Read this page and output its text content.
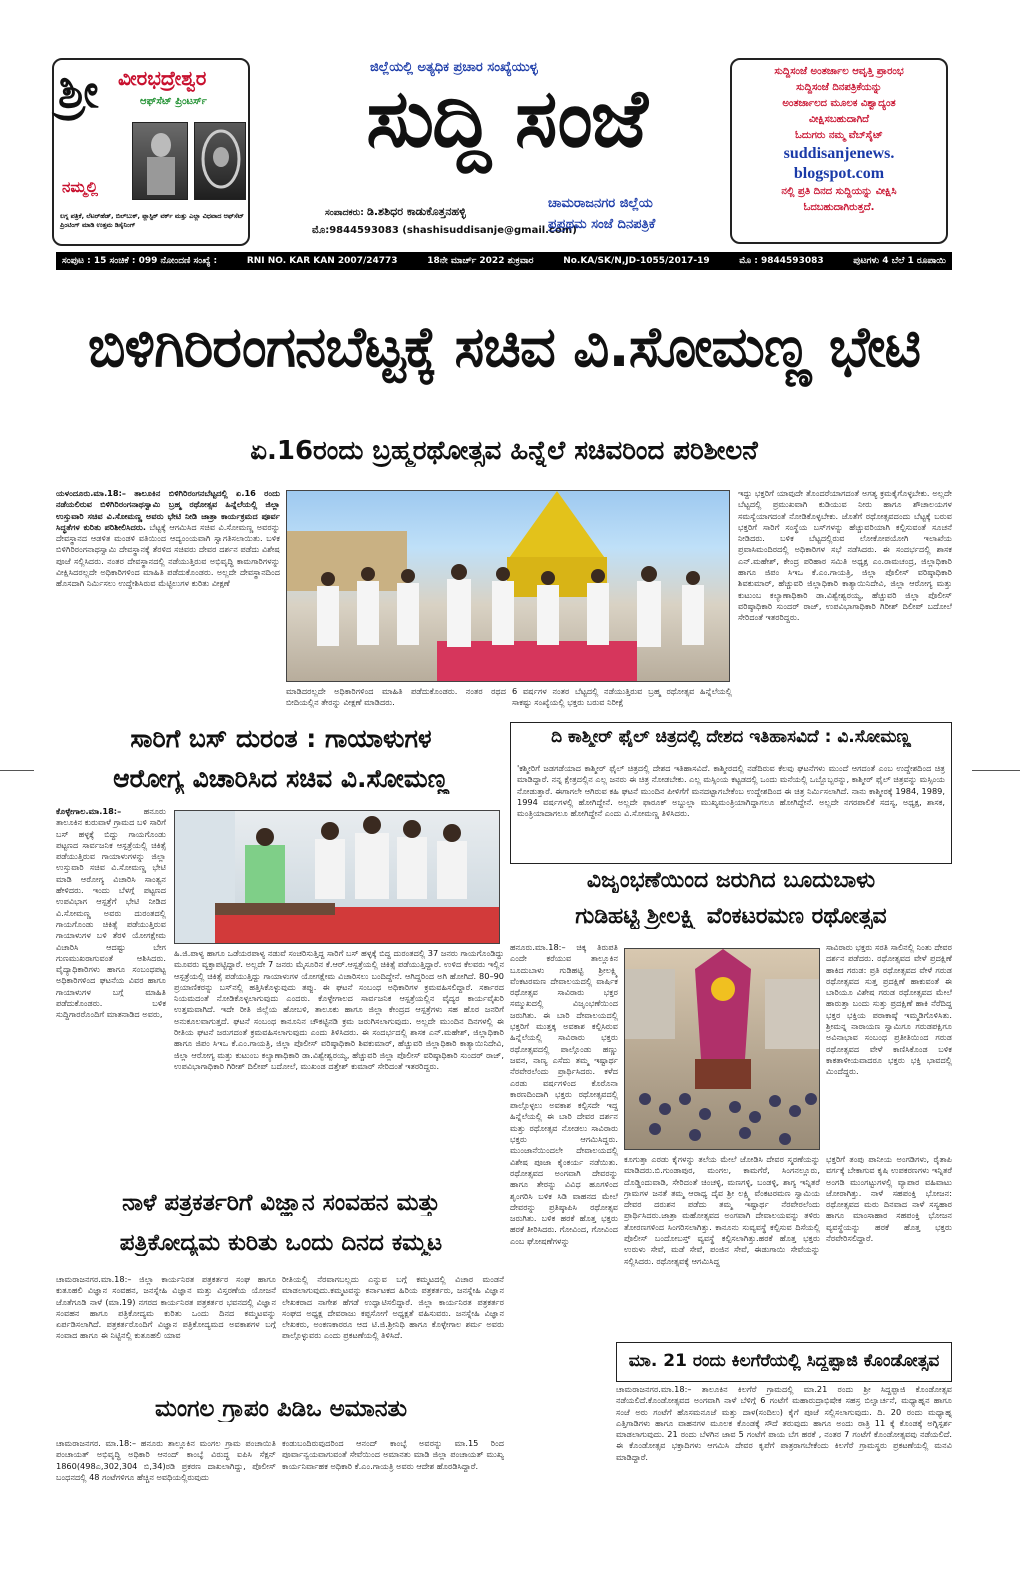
ಶ್ರೀ ವೀರಭದ್ರೇಶ್ವರ
ಆಫ್‌ಸೆಟ್ ಪ್ರಿಂಟರ್ಸ್
ನಮ್ಮಲ್ಲಿ
ಲಗ್ನ ಪತ್ರಿಕೆ, ಲೆಟರ್‌ಹೆಡ್, ಬಿಲ್‌ಬುಕ್, ಪ್ಲಾಸ್ಟಿಕ್ ವರ್ಕ್ ಮತ್ತು ಎಲ್ಲಾ ವಿಧವಾದ ಆಫ್‌ಸೆಟ್ ಪ್ರಿಂಟಿಂಗ್ ಮಾಡಿ ಉತ್ತಮ ಡಿಸೈನಿಂಗ್
ಜಿಲ್ಲೆಯಲ್ಲಿ ಅತ್ಯಧಿಕ ಪ್ರಚಾರ ಸಂಖ್ಯೆಯುಳ್ಳ
ಸುದ್ದಿ ಸಂಜೆ
ಸಂಪಾದಕರು: ಡಿ.ಶಶಿಧರ ಕಾಡುಕೊತ್ತನಹಳ್ಳಿ
ಮೊ:9844593083 (shashisuddisanje@gmail.com)
ಚಾಮರಾಜನಗರ ಜಿಲ್ಲೆಯ
ಪ್ರಪ್ರಥಮ ಸಂಜೆ ದಿನಪತ್ರಿಕೆ
ಸುದ್ದಿಸಂಜೆ ಅಂತರ್ಜಾಲ ಆವೃತ್ತಿ ಪ್ರಾರಂಭ
ಸುದ್ದಿಸಂಜೆ ದಿನಪತ್ರಿಕೆಯನ್ನು
ಅಂತರ್ಜಾಲದ ಮೂಲಕ ವಿಶ್ವಾದ್ಯಂತ
ವೀಕ್ಷಿಸಬಹುದಾಗಿದೆ
ಓದುಗರು ನಮ್ಮ ವೆಬ್‌ಸೈಟ್
suddisanjenews.
blogspot.com
ನಲ್ಲಿ ಪ್ರತಿ ದಿನದ ಸುದ್ದಿಯನ್ನು ವೀಕ್ಷಿಸಿ
ಓದಬಹುದಾಗಿರುತ್ತದೆ.
ಸಂಪುಟ : 15 ಸಂಚಿಕೆ : 099 ನೋಂದಣಿ ಸಂಖ್ಯೆ :	RNI NO. KAR KAN 2007/24773	18ನೇ ಮಾರ್ಚ್ 2022 ಶುಕ್ರವಾರ	No.KA/SK/N,JD-1055/2017-19	ಮೊ : 9844593083	ಪುಟಗಳು 4 ಬೆಲೆ 1 ರೂಪಾಯಿ
ಬಿಳಿಗಿರಿರಂಗನಬೆಟ್ಟಕ್ಕೆ ಸಚಿವ ವಿ.ಸೋಮಣ್ಣ ಭೇಟಿ
ಏ.16ರಂದು ಬ್ರಹ್ಮರಥೋತ್ಸವ ಹಿನ್ನೆಲೆ ಸಚಿವರಿಂದ ಪರಿಶೀಲನೆ
ಯಳಂದೂರು.ಮಾ.18:– ತಾಲೂಕಿನ ಬಿಳಿಗಿರಿರಂಗನಬೆಟ್ಟದಲ್ಲಿ ಏ.16 ರಂದು ನಡೆಯಲಿರುವ ಬಿಳಿಗಿರಿರಂಗನಾಥಸ್ವಾಮಿ ಬ್ರಹ್ಮ ರಥೋತ್ಸವ ಹಿನ್ನೆಲೆಯಲ್ಲಿ ಜಿಲ್ಲಾ ಉಸ್ತುವಾರಿ ಸಚಿವ ವಿ.ಸೋಮಣ್ಣ ಅವರು ಭೇಟಿ ನೀಡಿ ಜಾತ್ರಾ ಕಾರ್ಯಕ್ರಮದ ಪೂರ್ವ ಸಿದ್ಧತೆಗಳ ಕುರಿತು ಪರಿಶೀಲಿಸಿದರು. ಬೆಟ್ಟಕ್ಕೆ ಆಗಮಿಸಿದ ಸಚಿವ ವಿ.ಸೋಮಣ್ಣ ಅವರನ್ನು ದೇವಸ್ಥಾನದ ಆಡಳಿತ ಮಂಡಳಿ ವತಿಯಿಂದ ಆದ್ಯಂಂಯವಾಗಿ ಸ್ವಾಗತಿಸಲಾಯಿತು. ಬಳಿಕ ಬಿಳಿಗಿರಿರಂಗನಾಥಸ್ವಾಮಿ ದೇವಸ್ಥಾನಕ್ಕೆ ತೆರಳಿದ ಸಚಿವರು ದೇವರ ದರ್ಶನ ಪಡೆದು ವಿಶೇಷ ಪೂಜೆ ಸಲ್ಲಿಸಿದರು. ನಂತರ ದೇವಸ್ಥಾನದಲ್ಲಿ ನಡೆಯುತ್ತಿರುವ ಅಭಿವೃದ್ಧಿ ಕಾಮಗಾರಿಗಳನ್ನು ವೀಕ್ಷಿಸಿದರಲ್ಲದೇ ಅಧಿಕಾರಿಗಳಿಂದ ಮಾಹಿತಿ ಪಡೆದುಕೊಂಡರು. ಅಲ್ಲದೇ ದೇವಸ್ಥಾನದಿಂದ ಹೊಸದಾಗಿ ನಿರ್ಮಿಸಲು ಉದ್ದೇಶಿಸಿರುವ ಮೆಟ್ಟಿಲುಗಳ ಕುರಿತು ವೀಕ್ಷಣೆ
ಮಾಡಿದರಲ್ಲದೇ ಅಧಿಕಾರಿಗಳಿಂದ ಮಾಹಿತಿ ಪಡೆದುಕೊಂಡರು. ನಂತರ ರಥದ ಬೀದಿಯಲ್ಲಿನ ತೇರನ್ನು ವೀಕ್ಷಣೆ ಮಾಡಿದರು.
6 ವರ್ಷಗಳ ನಂತರ ಬೆಟ್ಟದಲ್ಲಿ ನಡೆಯುತ್ತಿರುವ ಬ್ರಹ್ಮ ರಥೋತ್ಸವ ಹಿನ್ನೆಲೆಯಲ್ಲಿ ಸಾಕಷ್ಟು ಸಂಖ್ಯೆಯಲ್ಲಿ ಭಕ್ತರು ಬರುವ ನಿರೀಕ್ಷೆ
ಇದ್ದು ಭಕ್ತರಿಗೆ ಯಾವುದೇ ತೊಂದರೆಯಾಗದಂತೆ ಅಗತ್ಯ ಕ್ರಮಕೈಗೊಳ್ಳಬೇಕು. ಅಲ್ಲದೇ ಬೆಟ್ಟದಲ್ಲಿ ಪ್ರಮುಖವಾಗಿ ಕುಡಿಯುವ ನೀರು ಹಾಗೂ ಶೌಚಾಲಯಗಳ ಸಮಸ್ಯೆಯಾಗದಂತೆ ನೋಡಿಕೊಳ್ಳಬೇಕು. ಜೊತೆಗೆ ರಥೋತ್ಸವದಂದು ಬೆಟ್ಟಕ್ಕೆ ಬರುವ ಭಕ್ತರಿಗೆ ಸಾರಿಗೆ ಸಂಸ್ಥೆಯ ಬಸ್‌ಗಳನ್ನು ಹೆಚ್ಚುವರಿಯಾಗಿ ಕಲ್ಪಿಸುವಂತೆ ಸೂಚನೆ ನೀಡಿದರು. ಬಳಿಕ ಬೆಟ್ಟದಲ್ಲಿರುವ ಲೋಕೋಪಯೋಗಿ ಇಲಾಖೆಯ ಪ್ರವಾಸಿಮಂದಿರದಲ್ಲಿ ಅಧಿಕಾರಿಗಳ ಸಭೆ ನಡೆಸಿದರು. ಈ ಸಂದರ್ಭದಲ್ಲಿ ಶಾಸಕ ಎನ್.ಮಹೇಶ್, ಕೇಂದ್ರ ಪರಿಹಾರ ಸಮಿತಿ ಅಧ್ಯಕ್ಷ ಎಂ.ರಾಮಚಂದ್ರ, ಜಿಲ್ಲಾಧಿಕಾರಿ ಹಾಗೂ ಜಿಪಂ ಸಿಇಒ ಕೆ.ಎಂ.ಗಾಯತ್ರಿ, ಜಿಲ್ಲಾ ಪೊಲೀಸ್ ವರಿಷ್ಠಾಧಿಕಾರಿ ಶಿವಕುಮಾರ್, ಹೆಚ್ಚುವರಿ ಜಿಲ್ಲಾಧಿಕಾರಿ ಕಾತ್ಯಾಯಿನಿದೇವಿ, ಜಿಲ್ಲಾ ಆರೋಗ್ಯ ಮತ್ತು ಕುಟುಂಬ ಕಲ್ಯಾಣಾಧಿಕಾರಿ ಡಾ.ವಿಶ್ವೇಶ್ವರಯ್ಯ, ಹೆಚ್ಚುವರಿ ಜಿಲ್ಲಾ ಪೊಲೀಸ್ ವರಿಷ್ಠಾಧಿಕಾರಿ ಸುಂದರ್ ರಾಜ್, ಉಪವಿಭಾಗಾಧಿಕಾರಿ ಗಿರೀಶ್ ದಿಲೀಪ್ ಬದೋಲೆ ಸೇರಿದಂತೆ ಇತರರಿದ್ದರು.
ಸಾರಿಗೆ ಬಸ್ ದುರಂತ : ಗಾಯಾಳುಗಳ
ಆರೋಗ್ಯ ವಿಚಾರಿಸಿದ ಸಚಿವ ವಿ.ಸೋಮಣ್ಣ
ಕೊಳ್ಳೇಗಾಲ.ಮಾ.18:–	ಹನೂರು ತಾಲೂಕಿನ ಕುರುವಾಳೆ ಗ್ರಾಮದ ಬಳಿ ಸಾರಿಗೆ ಬಸ್ ಹಳ್ಳಕ್ಕೆ ಬಿದ್ದು ಗಾಯಗೊಂಡು ಪಟ್ಟಣದ ಸಾರ್ವಜನಿಕ ಆಸ್ಪತ್ರೆಯಲ್ಲಿ ಚಿಕಿತ್ಸೆ ಪಡೆಯುತ್ತಿರುವ ಗಾಯಾಳುಗಳನ್ನು ಜಿಲ್ಲಾ ಉಸ್ತುವಾರಿ ಸಚಿವ ವಿ.ಸೋಮಣ್ಣ ಭೇಟಿ ಮಾಡಿ ಆರೋಗ್ಯ ವಿಚಾರಿಸಿ ಸಾಂತ್ವನ ಹೇಳಿದರು. ಇಂದು ಬೆಳಗ್ಗೆ ಪಟ್ಟಣದ ಉಪವಿಭಾಗ ಆಸ್ಪತ್ರೆಗೆ ಭೇಟಿ ನೀಡಿದ ವಿ.ಸೋಮಣ್ಣ ಅವರು ದುರಂತದಲ್ಲಿ ಗಾಯಗೊಂಡು ಚಿಕಿತ್ಸೆ ಪಡೆಯುತ್ತಿರುವ ಗಾಯಾಳುಗಳ ಬಳಿ ತೆರಳಿ ಯೋಗಕ್ಷೇಮ ವಿಚಾರಿಸಿ ಆದಷ್ಟು ಬೇಗ ಗುಣಮುಖರಾಗುವಂತೆ ಆಶಿಸಿದರು. ವೈದ್ಯಾಧಿಕಾರಿಗಳು ಹಾಗೂ ಸಂಬಂಧಪಟ್ಟ ಅಧಿಕಾರಿಗಳಿಂದ ಘಟನೆಯ ವಿವರ ಹಾಗೂ ಗಾಯಾಳುಗಳ ಬಗ್ಗೆ ಮಾಹಿತಿ ಪಡೆದುಕೊಂಡರು. ಬಳಿಕ ಸುದ್ದಿಗಾರರೊಂದಿಗೆ ಮಾತನಾಡಿದ ಅವರು,
ಹಿ.ಜಿ.ಪಾಳ್ಯ ಹಾಗೂ ಒಡೆಯರಪಾಳ್ಯ ನಡುವೆ ಸಂಚರಿಸುತ್ತಿದ್ದ ಸಾರಿಗೆ ಬಸ್ ಹಳ್ಳಕ್ಕೆ ಬಿದ್ದ ದುರಂತದಲ್ಲಿ 37 ಜನರು ಗಾಯಗೊಂಡಿದ್ದು ಮೂವರು ವ್ಯಕ್ತಾಪಟ್ಟಿದ್ದಾರೆ. ಅಲ್ಲದೇ 7 ಜನರು ಮೈಸೂರಿನ ಕೆ.ಆರ್.ಆಸ್ಪತ್ರೆಯಲ್ಲಿ ಚಿಕಿತ್ಸೆ ಪಡೆಯುತ್ತಿದ್ದಾರೆ. ಉಳಿದ ಕೆಲವರು ಇಲ್ಲಿನ ಆಸ್ಪತ್ರೆಯಲ್ಲಿ ಚಿಕಿತ್ಸೆ ಪಡೆಯುತ್ತಿದ್ದು ಗಾಯಾಳುಗಳ ಯೋಗಕ್ಷೇಮ ವಿಚಾರಿಸಲು ಬಂದಿದ್ದೇನೆ. ಆಗಿದ್ದರಿಂದ ಅಗಿ ಹೋಗಿದೆ. 80–90 ಪ್ರಯಾಣಿಕರನ್ನು ಬಸ್‌ನಲ್ಲಿ ಹತ್ತಿಸಿಕೊಳ್ಳುವುದು ತಪ್ಪು. ಈ ಘಟನೆ ಸಂಬಂಧ ಅಧಿಕಾರಿಗಳ ಕ್ರಮವಹಿಸಲಿದ್ದಾರೆ. ಸರ್ಕಾರದ ನಿಯಮದಂತೆ ನೋಡಿಕೊಳ್ಳಲಾಗುವುದು ಎಂದರು. ಕೊಳ್ಳೇಗಾಲದ ಸಾರ್ವಜನಿಕ ಆಸ್ಪತ್ರೆಯಲ್ಲಿನ ವೈದ್ಯರ ಕಾರ್ಯವೈಖರಿ ಉತ್ತಮವಾಗಿದೆ. ಇದೇ ರೀತಿ ಜಿಲ್ಲೆಯ ಹೋಬಳಿ, ತಾಲೂಕು ಹಾಗೂ ಜಿಲ್ಲಾ ಕೇಂದ್ರದ ಆಸ್ಪತ್ರೆಗಳು ಸಹ ಹೊರ ಜನರಿಗೆ ಅನುಕೂಲವಾಗುತ್ತದೆ. ಘಟನೆ ಸಂಬಂಧ ಕಾನೂನಿನ ಚೌಕಟ್ಟಿನಡಿ ಕ್ರಮ ಜರುಗಿಸಲಾಗುವುದು. ಅಲ್ಲದೇ ಮುಂದಿನ ದಿನಗಳಲ್ಲಿ ಈ ರೀತಿಯ ಘಟನೆ ಜರುಗದಂತೆ ಕ್ರಮವಹಿಸಲಾಗುವುದು ಎಂದು ತಿಳಿಸಿದರು. ಈ ಸಂದರ್ಭದಲ್ಲಿ ಶಾಸಕ ಎನ್.ಮಹೇಶ್, ಜಿಲ್ಲಾಧಿಕಾರಿ ಹಾಗೂ ಜಿಪಂ ಸಿಇಒ ಕೆ.ಎಂ.ಗಾಯತ್ರಿ, ಜಿಲ್ಲಾ ಪೊಲೀಸ್ ವರಿಷ್ಠಾಧಿಕಾರಿ ಶಿವಕುಮಾರ್, ಹೆಚ್ಚುವರಿ ಜಿಲ್ಲಾಧಿಕಾರಿ ಕಾತ್ಯಾಯಿನಿದೇವಿ, ಜಿಲ್ಲಾ ಆರೋಗ್ಯ ಮತ್ತು ಕುಟುಂಬ ಕಲ್ಯಾಣಾಧಿಕಾರಿ ಡಾ.ವಿಶ್ವೇಶ್ವರಯ್ಯ, ಹೆಚ್ಚುವರಿ ಜಿಲ್ಲಾ ಪೊಲೀಸ್ ವರಿಷ್ಠಾಧಿಕಾರಿ ಸುಂದರ್ ರಾಜ್, ಉಪವಿಭಾಗಾಧಿಕಾರಿ ಗಿರೀಶ್ ದಿಲೀಪ್ ಬದೋಲೆ, ಮುಖಂಡ ದತ್ತೇಶ್ ಕುಮಾರ್ ಸೇರಿದಂತೆ ಇತರರಿದ್ದರು.
ದಿ ಕಾಶ್ಮೀರ್ ಫೈಲ್ ಚಿತ್ರದಲ್ಲಿ ದೇಶದ ಇತಿಹಾಸವಿದೆ : ವಿ.ಸೋಮಣ್ಣ
'ಕಶ್ಮೀರಿಗೆ ಜಡಗಡೆಯಾದ ಕಾಶ್ಮೀರ್ ಫೈಲ್ ಚಿತ್ರದಲ್ಲಿ ದೇಶದ ಇತಿಹಾಸವಿದೆ. ಕಾಶ್ಮೀರದಲ್ಲಿ ನಡೆದಿರುವ ಕೆಲವು ಘಟನೆಗಳು ಮುಂದೆ ಆಗದಂತೆ ಎಂಬ ಉದ್ದೇಶದಿಂದ ಚಿತ್ರ ಮಾಡಿದ್ದಾರೆ. ನನ್ನ ಕ್ಷೇತ್ರದಲ್ಲಿನ ಎಲ್ಲ ಜನರು ಈ ಚಿತ್ರ ನೋಡಬೇಕು. ಎಲ್ಲ ಮಸ್ಸಿಂಯ ಕಟ್ಟಡದಲ್ಲಿ ಒಂದು ಮನೆಯಲ್ಲಿ ಒಬ್ಬೊಬ್ಬರನ್ನು, ಕಾಶ್ಮೀರ್ ಫೈಲ್ ಚಿತ್ರವನ್ನು ಮಸ್ಸಿಂಯ ನೋಡುತ್ತಾರೆ. ಈಗಾಗಲೇ ಆಗಿರುವ ಕಹಿ ಘಟನೆ ಮುಂದಿನ ಪೀಳಿಗೆಗೆ ಮನದಟ್ಟಾಗಬೇಕೆಂಬ ಉದ್ದೇಶದಿಂದ ಈ ಚಿತ್ರ ನಿರ್ಮಿಸಲಾಗಿದೆ. ನಾನು ಕಾಶ್ಮೀರಕ್ಕೆ 1984, 1989, 1994 ವರ್ಷಗಳಲ್ಲಿ ಹೋಗಿದ್ದೇನೆ. ಅಲ್ಲದೇ ಫಾರೂಕ್ ಅಬ್ದುಲ್ಲಾ ಮುಖ್ಯಮಂತ್ರಿಯಾಗಿದ್ದಾಗಲೂ ಹೋಗಿದ್ದೇನೆ. ಅಲ್ಲದೇ ನಗರಪಾಲಿಕೆ ಸದಸ್ಯ, ಅಧ್ಯಕ್ಷ, ಶಾಸಕ, ಮಂತ್ರಿಯಾದಾಗಲೂ ಹೋಗಿದ್ದೇನೆ ಎಂದು ವಿ.ಸೋಮಣ್ಣ ತಿಳಿಸಿದರು.
ವಿಜೃಂಭಣೆಯಿಂದ ಜರುಗಿದ ಬೂದುಬಾಳು
ಗುಡಿಹಟ್ಟಿ ಶ್ರೀಲಕ್ಷ್ಮಿ ವೆಂಕಟರಮಣ ರಥೋತ್ಸವ
ಹನೂರು.ಮಾ.18:– ಚಿಕ್ಕ ತಿರುಪತಿ ಎಂದೇ ಕರೆಯುವ ತಾಲ್ಲೂಕಿನ ಬೂದುಬಾಳು ಗುಡಿಹಟ್ಟಿ ಶ್ರೀಲಕ್ಷ್ಮಿ ವೆಂಕಟರಮಣ ದೇವಾಲಯದಲ್ಲಿ ವಾರ್ಷಿಕ ರಥೋತ್ಸವ ಸಾವಿರಾರು ಭಕ್ತರ ಸಮ್ಮುಖದಲ್ಲಿ ವಿಜೃಂಭಣೆಯಿಂದ ಜರುಗಿತು. ಈ ಬಾರಿ ದೇವಾಲಯದಲ್ಲಿ ಭಕ್ತರಿಗೆ ಮುತ್ತಕ್ಕ ಅವಕಾಶ ಕಲ್ಪಿಸಿರುವ ಹಿನ್ನೆಲೆಯಲ್ಲಿ ಸಾವಿರಾರು ಭಕ್ತರು ರಥೋತ್ಸವದಲ್ಲಿ ಪಾಲ್ಗೊಂಡು ಹಣ್ಣು ಜವನ, ನಾಣ್ಯ ಎಸೆದು ತಮ್ಮ ಇಷ್ಟಾರ್ಥ ನೆರವೇರಲೆಂದು ಪ್ರಾರ್ಥಿಸಿದರು. ಕಳೆದ ಎರಡು ವರ್ಷಗಳಿಂದ ಕೊರೊನಾ ಕಾರಣದಿಂದಾಗಿ ಭಕ್ತರು ರಥೋತ್ಸವದಲ್ಲಿ ಪಾಲ್ಗೊಳ್ಳಲು ಅವಕಾಶ ಕಲ್ಪಿಸದೇ ಇದ್ದ ಹಿನ್ನೆಲೆಯಲ್ಲಿ ಈ ಬಾರಿ ದೇವರ ದರ್ಶನ ಮತ್ತು ರಥೋತ್ಸವ ನೋಡಲು ಸಾವಿರಾರು ಭಕ್ತರು ಆಗಮಿಸಿದ್ದರು. ಮುಂಜಾನೆಯಿಂದಲೇ ದೇವಾಲಯದಲ್ಲಿ ವಿಶೇಷ ಪೂಜಾ ಕೈಂಕರ್ಯ ನಡೆಯಿತು. ರಥೋತ್ಸವದ ಅಂಗವಾಗಿ ದೇವರನ್ನು ಹಾಗೂ ತೇರನ್ನು ವಿವಿಧ ಹೂಗಳಿಂದ ಶೃಂಗರಿಸಿ ಬಳಿಕ ಸಿಡಿ ವಾಹನದ ಮೇಲೆ ದೇವರನ್ನು ಪ್ರತಿಷ್ಠಾಪಿಸಿ ರಥೋತ್ಸವ ಜರುಗಿತು. ಬಳಿಕ ಹರಕೆ ಹೊತ್ತ ಭಕ್ತರು ಹರಕೆ ತೀರಿಸಿದರು. ಗೋವಿಂದ, ಗೋವಿಂದ ಎಂಬ ಘೋಷಣೆಗಳನ್ನು
ಸಾವಿರಾರು ಭಕ್ತರು ಸರತಿ ಸಾಲಿನಲ್ಲಿ ನಿಂತು ದೇವರ ದರ್ಶನ ಪಡೆದರು. ರಥೋತ್ಸವದ ವೇಳೆ ಪ್ರದಕ್ಷಿಣೆ ಹಾಕಿದ ಗರುಡ: ಪ್ರತಿ ರಥೋತ್ಸವದ ವೇಳೆ ಗರುಡ ರಥೋತ್ಸವದ ಸುತ್ತ ಪ್ರದಕ್ಷಿಣೆ ಹಾಕುವಂತೆ ಈ ಬಾರಿಯೂ ವಿಶೇಷ ಗರುಡ ರಥೋತ್ಸವದ ಮೇಲೆ ಹಾರುತ್ತಾ ಬಂದು ಸುತ್ತು ಪ್ರದಕ್ಷಿಣೆ ಹಾಕಿ ನೆರೆದಿದ್ದ ಭಕ್ತರ ಭಕ್ತಿಯ ಪರಾಕಾಷ್ಠೆ ಇಮ್ಮಡಿಗೊಳಿಸಿತು. ಶ್ರೀಮನ್ನ ನಾರಾಯಣ ಸ್ವಾಮಿಗೂ ಗರುಡಪಕ್ಷಿಗೂ ಅವಿನಾಭಾವ ಸಂಬಂಧ ಪ್ರತೀತಿಯಿಂದ ಗರುಡ ರಥೋತ್ಸವದ ವೇಳೆ ಕಾಣಿಸಿಕೊಂಡ ಬಳಿಕ ಕಾಕತಾಳೀಯವಾದರೂ ಭಕ್ತರು ಭಕ್ತಿ ಭಾವದಲ್ಲಿ ಮಿಂದೆದ್ದರು.
ಕೂಗುತ್ತಾ ಎರಡು ಕೈಗಳನ್ನು ತಲೆಯ ಮೇಲೆ ಜೋಡಿಸಿ ದೇವರ ಸ್ಮರಣೆಯನ್ನು ಮಾಡಿದರು.ಬಿ.ಗುಂಡಾಪುರ, ಮಂಗಲ, ಕಾಮಗೆರೆ, ಸಿಂಗನಲ್ಲೂರು, ದೊಡ್ಡಿಂದುವಾಡಿ, ಸೇರಿದಂತೆ ಚಿಂಚಳ್ಳಿ, ಮಣಗಳ್ಳಿ, ಬಂಡಳ್ಳಿ, ಶಾಗ್ಯ ಇನ್ನಿತರೆ ಗ್ರಾಮಗಳ ಜನತೆ ತಮ್ಮ ಆರಾಧ್ಯ ದೈವ ಶ್ರೀ ಲಕ್ಷ್ಮಿ ವೆಂಕಟರಮಣ ಸ್ವಾಮಿಯ ದೇವರ ದರುಶನ ಪಡೆದು ತಮ್ಮ ಇಷ್ಟಾರ್ಥ ನೆರವೇರಲೆಂದು ಪ್ರಾರ್ಥಿಸಿದರು.ಜಾತ್ರಾ ಮಹೋತ್ಸವದ ಅಂಗವಾಗಿ ದೇವಾಲಯವನ್ನು ತಳಿರು ತೋರಣಗಳಿಂದ ಸಿಂಗರಿಸಲಾಗಿತ್ತು. ಕಾನೂನು ಸುವ್ಯವಸ್ಥೆ ಕಲ್ಪಿಸುವ ದಿಸೆಯಲ್ಲಿ ಪೊಲೀಸ್ ಬಂದೋಬಸ್ತ್ ವ್ಯವಸ್ಥೆ ಕಲ್ಪಿಸಲಾಗಿತ್ತು.ಹರಕೆ ಹೊತ್ತ ಭಕ್ತರು ಉರುಳು ಸೇವೆ, ಮಡೆ ಸೇವೆ, ಪಂಜಿನ ಸೇವೆ, ಈಡುಗಾಯಿ ಸೇವೆಯನ್ನು ಸಲ್ಲಿಸಿದರು. ರಥೋತ್ಸವಕ್ಕೆ ಆಗಮಿಸಿದ್ದ
ಭಕ್ತರಿಗೆ ತಂಪು ಪಾನೀಯ ಅಂಗಡಿಗಳು, ರೈತಾಪಿ ವರ್ಗಕ್ಕೆ ಬೇಕಾಗುವ ಕೃಷಿ ಉಪಕರಣಗಳು ಇನ್ನಿತರೆ ಅಂಗಡಿ ಮುಂಗಟ್ಟುಗಳಲ್ಲಿ ವ್ಯಾಪಾರ ವಹಿವಾಟು ಜೋರಾಗಿತ್ತು. ನಾಳೆ ಸಹಪಂಕ್ತಿ ಭೋಜನ: ರಥೋತ್ಸವದ ಮರು ದಿನವಾದ ನಾಳೆ ಸಸ್ಯಹಾರ ಹಾಗೂ ಮಾಂಸಾಹಾರ ಸಹಪಂಕ್ತಿ ಭೋಜನ ವ್ಯವಸ್ಥೆಯನ್ನು ಹರಕೆ ಹೊತ್ತ ಭಕ್ತರು ನೆರವೇರಿಸಲಿದ್ದಾರೆ.
ನಾಳೆ ಪತ್ರಕರ್ತರಿಗೆ ವಿಜ್ಞಾನ ಸಂವಹನ ಮತ್ತು
ಪತ್ರಿಕೋದ್ಯಮ ಕುರಿತು ಒಂದು ದಿನದ ಕಮ್ಮಟ
ಚಾಮರಾಜನಗರ.ಮಾ.18:– ಜಿಲ್ಲಾ ಕಾರ್ಯನಿರತ ಪತ್ರಕರ್ತರ ಸಂಘ ಹಾಗೂ ಕುತೂಹಲಿ ವಿಜ್ಞಾನ ಸಂವಹನ, ಜನಸ್ನೇಹಿ ವಿಜ್ಞಾನ ಮತ್ತು ವಿಸ್ತರಣೆಯ ಯೋಜನೆ ಜೊತೆಗೂಡಿ ನಾಳೆ (ಮಾ.19) ನಗರದ ಕಾರ್ಯನಿರತ ಪತ್ರಕರ್ತರ ಭವನದಲ್ಲಿ ವಿಜ್ಞಾನ ಸಂವಹನ ಹಾಗೂ ಪತ್ರಿಕೋದ್ಯಮ ಕುರಿತು ಒಂದು ದಿನದ ಕಮ್ಮಟವನ್ನು ಏರ್ಪಡಿಸಲಾಗಿದೆ. ಪತ್ರಕರ್ತರೊಂದಿಗೆ ವಿಜ್ಞಾನ ಪತ್ರಿಕೋದ್ಯಮದ ಅವಕಾಶಗಳ ಬಗ್ಗೆ ಸಂವಾದ ಹಾಗೂ ಈ ನಿಟ್ಟಿನಲ್ಲಿ ಕುತೂಹಲಿ ಯಾವ
ರೀತಿಯಲ್ಲಿ ನೆರವಾಗಬಲ್ಲದು ಎನ್ನುವ ಬಗ್ಗೆ ಕಮ್ಮಟದಲ್ಲಿ ವಿಚಾರ ಮಂಡನೆ ಮಾಡಲಾಗುವುದು.ಕಮ್ಮಟವನ್ನು ಕರ್ನಾಟಕದ ಹಿರಿಯ ಪತ್ರಕರ್ತರು, ಜನಸ್ನೇಹಿ ವಿಜ್ಞಾನ ಲೇಖಕರಾದ ನಾಗೇಶ ಹೆಗಡೆ ಉದ್ಘಾಟಿಸಲಿದ್ದಾರೆ. ಜಿಲ್ಲಾ ಕಾರ್ಯನಿರತ ಪತ್ರಕರ್ತರ ಸಂಘದ ಅಧ್ಯಕ್ಷ ದೇವರಾಜು ಕಪ್ಪಸೋಗೆ ಅಧ್ಯಕ್ಷತೆ ವಹಿಸುವರು. ಜನಸ್ನೇಹಿ ವಿಜ್ಞಾನ ಲೇಖಕರು, ಅಂಕಣಕಾರರೂ ಆದ ಟಿ.ಜಿ.ಶ್ರೀನಿಧಿ ಹಾಗೂ ಕೊಳ್ಳೇಗಾಲ ಶರ್ಮ ಅವರು ಪಾಲ್ಗೊಳ್ಳುವರು ಎಂದು ಪ್ರಕಟಣೆಯಲ್ಲಿ ತಿಳಿಸಿದೆ.
ಮಂಗಲ ಗ್ರಾಪಂ ಪಿಡಿಒ ಅಮಾನತು
ಚಾಮರಾಜನಗರ. ಮಾ.18:– ಹನೂರು ತಾಲ್ಲೂಕಿನ ಮಂಗಲ ಗ್ರಾಮ ಪಂಚಾಯಿತಿ ಪಂಚಾಯತ್ ಅಭಿವೃದ್ಧಿ ಅಧಿಕಾರಿ ಆನಂದ್ ಕಾಂಬ್ಳೆ ವಿರುದ್ಧ ಐಪಿಸಿ ಸೆಕ್ಷನ್ 1860(498ಎ,302,304 ಬಿ,34)ರಡಿ ಪ್ರಕರಣ ದಾಖಲಾಗಿದ್ದು, ಪೊಲೀಸ್ ಬಂಧನದಲ್ಲಿ 48 ಗಂಟೆಗಳಿಗೂ ಹೆಚ್ಚಿನ ಅವಧಿಯಲ್ಲಿರುವುದು
ಕಂಡುಬಂದಿರುವುದರಿಂದ ಆನಂದ್ ಕಾಂಬ್ಳೆ ಅವರನ್ನು ಮಾ.15 ರಿಂದ ಪೂರ್ವಾನ್ವಯವಾಗುವಂತೆ ಸೇವೆಯಿಂದ ಅಮಾನತು ಮಾಡಿ ಜಿಲ್ಲಾ ಪಂಚಾಯತ್ ಮುಖ್ಯ ಕಾರ್ಯನಿರ್ವಾಹಕ ಅಧಿಕಾರಿ ಕೆ.ಎಂ.ಗಾಯತ್ರಿ ಅವರು ಆದೇಶ ಹೊರಡಿಸಿದ್ದಾರೆ.
ಮಾ. 21 ರಂದು ಕಿಲಗೆರೆಯಲ್ಲಿ ಸಿದ್ದಪ್ಪಾಜಿ ಕೊಂಡೋತ್ಸವ
ಚಾಮರಾಜನಗರ.ಮಾ.18:– ತಾಲೂಕಿನ ಕಿಲಗೆರೆ ಗ್ರಾಮದಲ್ಲಿ ಮಾ.21 ರಂದು ಶ್ರೀ ಸಿದ್ದಪ್ಪಾಜಿ ಕೊಂಡೋತ್ಸವ ನಡೆಯಲಿದೆ.ಕೊಂಡೋತ್ಸವದ ಅಂಗವಾಗಿ ನಾಳೆ ಬೆಳಿಗ್ಗೆ 6 ಗಂಟೆಗೆ ಮಹಾರುದ್ರಾಭಿಷೇಕ ಸಹಸ್ರ ಬಿಲ್ವಾರ್ಚನೆ, ಮಧ್ಯಾಹ್ನನ ಹಾಗೂ ಸಂಜೆ ಅರು ಗಂಟೆಗೆ ಹೊಸಮನೂಜೆ ಮತ್ತು ದಾಳ(ಸಂದಿಲು) ಕೈಗೆ ಪೂಜೆ ಸಲ್ಲಿಸಲಾಗುವುದು. ದಿ. 20 ರಂದು ಮಧ್ಯಾಹ್ನ ಎತ್ತಿಗಾಡಿಗಳು ಹಾಗೂ ವಾಹನಗಳ ಮೂಲಕ ಕೊಂಡಕ್ಕೆ ಸೌದೆ ತರುವುದು ಹಾಗೂ ಅಂದು ರಾತ್ರಿ 11 ಕ್ಕೆ ಕೊಂಡಕ್ಕೆ ಅಗ್ನಿಸ್ಪರ್ಶ ಮಾಡಲಾಗುವುದು. 21 ರಂದು ಬೆಳಗಿನ ಜಾವ 5 ಗಂಟೆಗೆ ಪಾಯ ಬೆಗ ಹರಕೆ , ನಂತರ 7 ಗಂಟೆಗೆ ಕೊಂಡೋತ್ಸವವು ನಡೆಯಲಿದೆ. ಈ ಕೊಂಡೋತ್ಸವ ಭಕ್ತಾದಿಗಳು ಆಗಮಿಸಿ ದೇವರ ಕೃಪೆಗೆ ಪಾತ್ರರಾಗಬೇಕೆಂದು ಕಿಲಗೆರೆ ಗ್ರಾಮಸ್ಥರು ಪ್ರಕಟಣೆಯಲ್ಲಿ ಮನವಿ ಮಾಡಿದ್ದಾರೆ.
